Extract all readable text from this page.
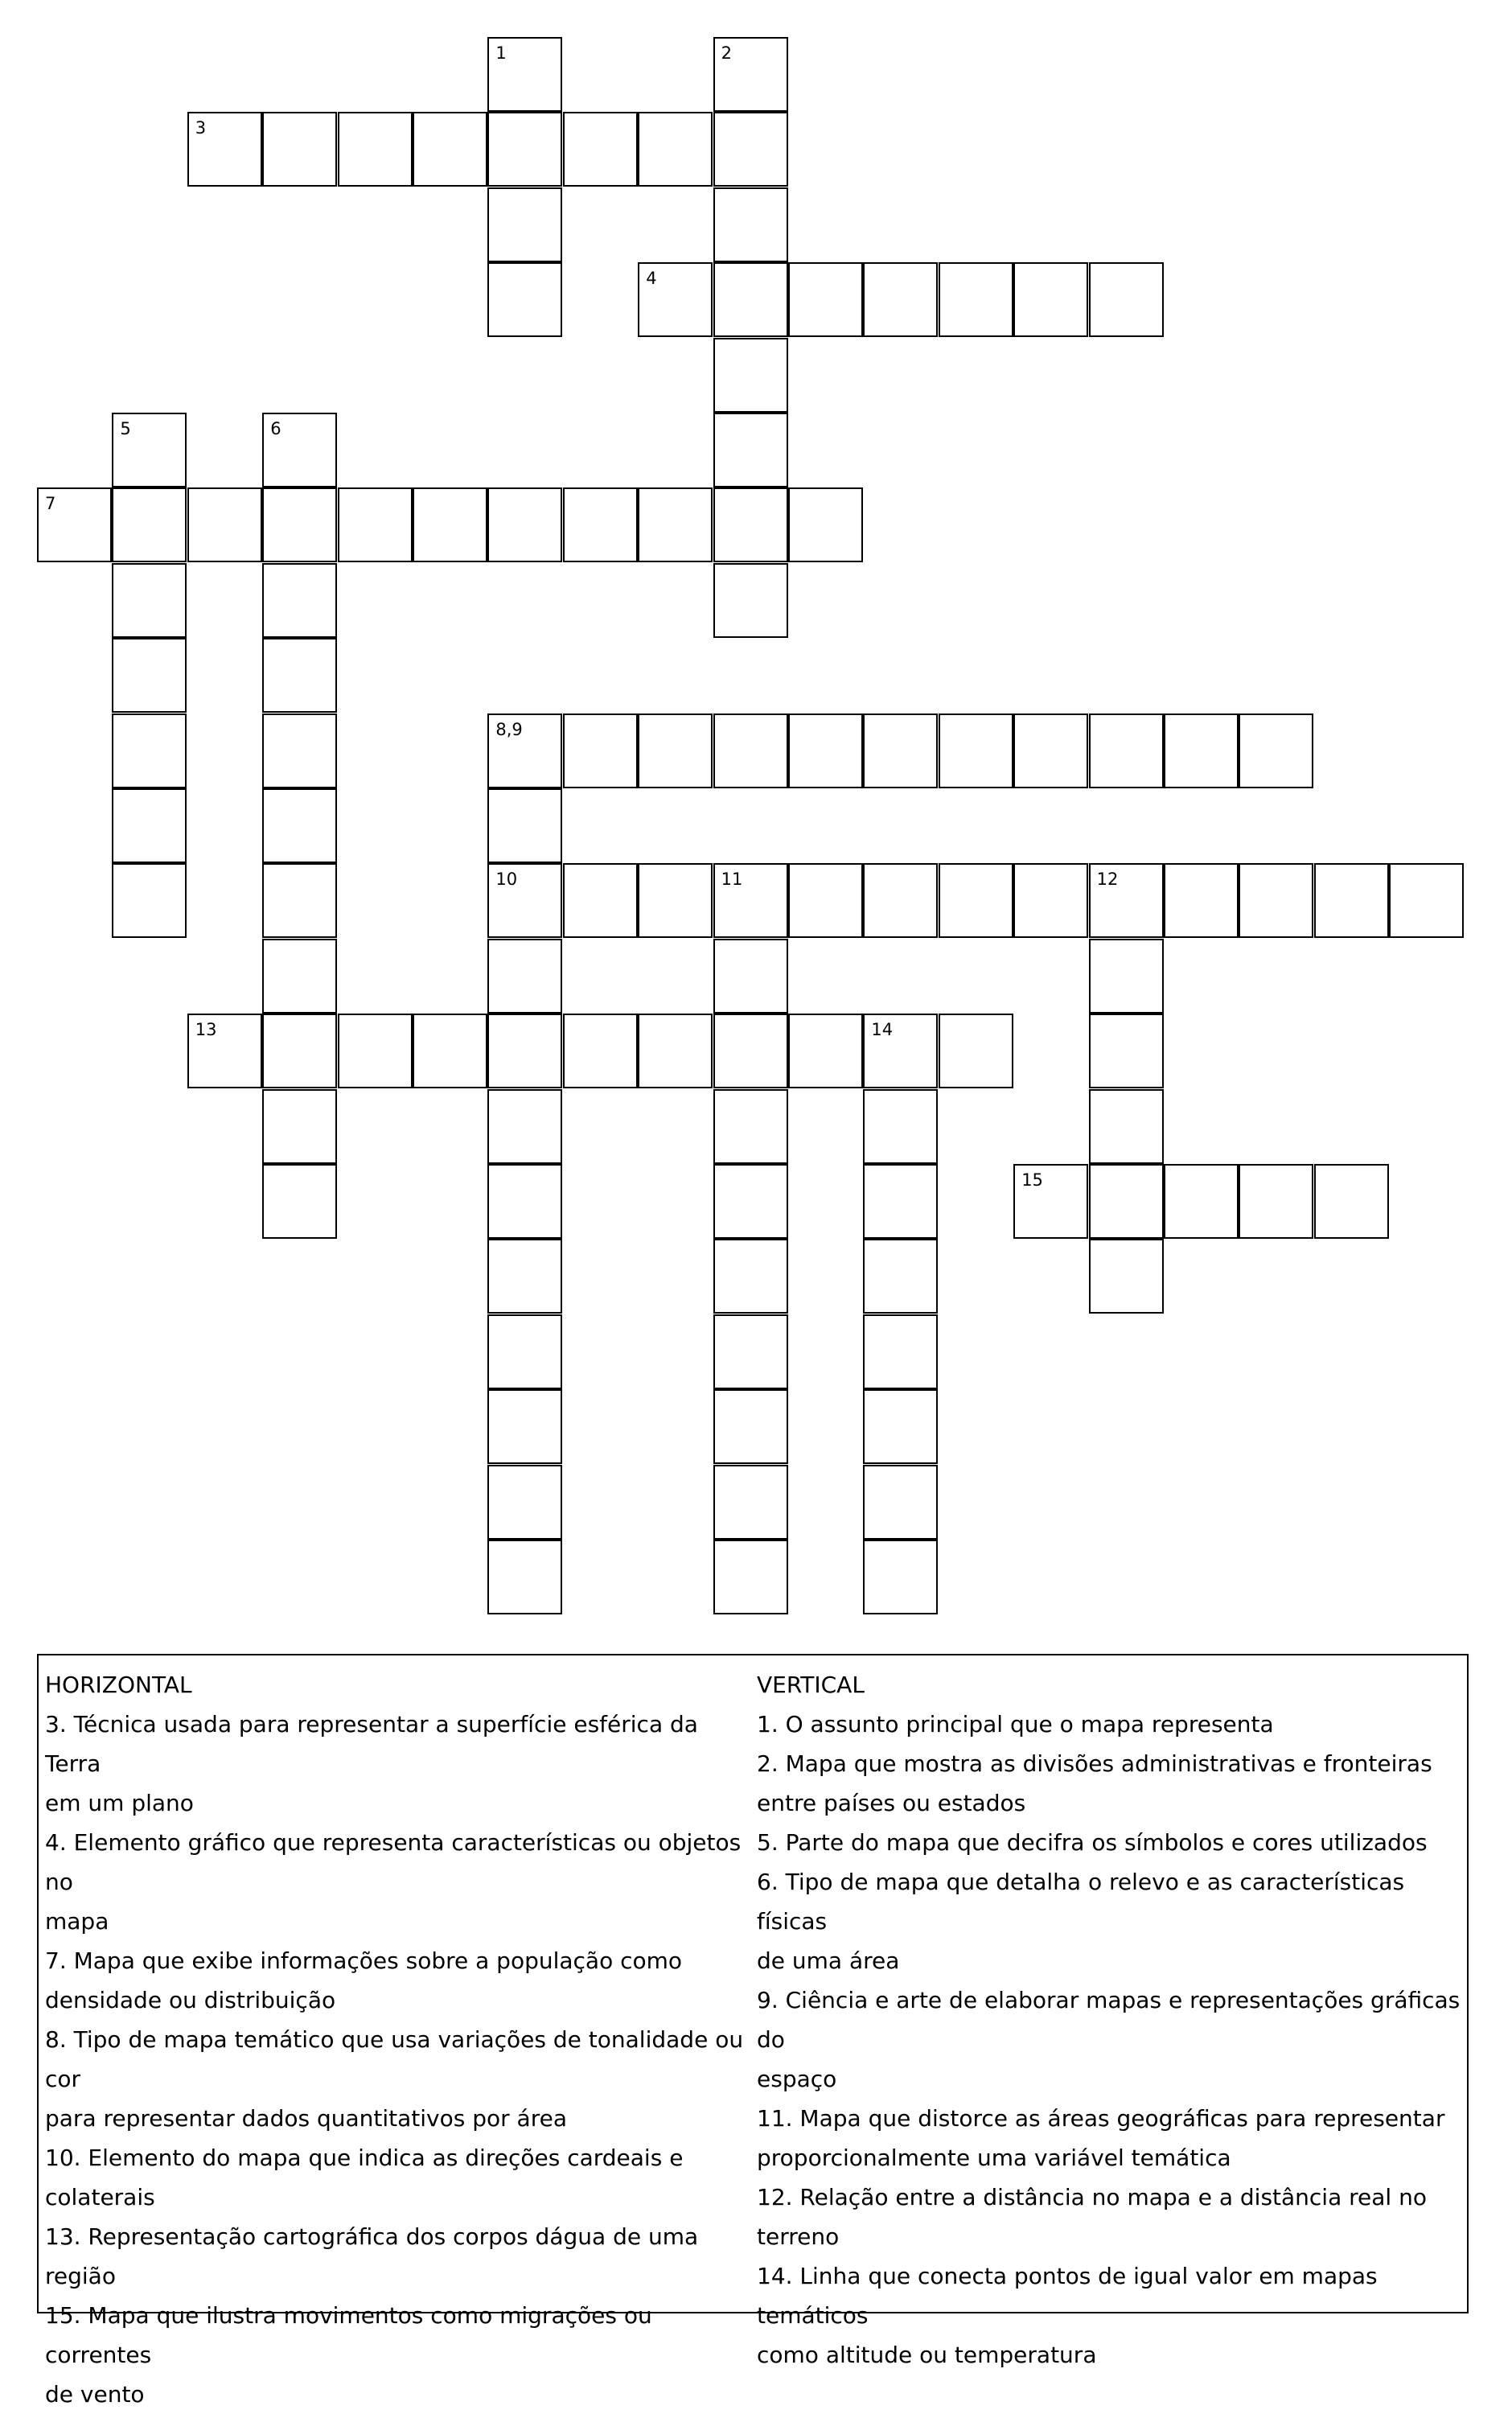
1	2
3
4
5	6
7
8,9
10	11	12
13	14
15
HORIZONTAL
3. Técnica usada para representar a superfície esférica da Terra
em um plano
4. Elemento gráfico que representa características ou objetos no
mapa
7. Mapa que exibe informações sobre a população como
densidade ou distribuição
8. Tipo de mapa temático que usa variações de tonalidade ou cor
para representar dados quantitativos por área
10. Elemento do mapa que indica as direções cardeais e
colaterais
13. Representação cartográfica dos corpos dágua de uma região
15. Mapa que ilustra movimentos como migrações ou correntes
de vento
VERTICAL
1. O assunto principal que o mapa representa
2. Mapa que mostra as divisões administrativas e fronteiras
entre países ou estados
5. Parte do mapa que decifra os símbolos e cores utilizados
6. Tipo de mapa que detalha o relevo e as características físicas
de uma área
9. Ciência e arte de elaborar mapas e representações gráficas do
espaço
11. Mapa que distorce as áreas geográficas para representar
proporcionalmente uma variável temática
12. Relação entre a distância no mapa e a distância real no
terreno
14. Linha que conecta pontos de igual valor em mapas temáticos
como altitude ou temperatura
